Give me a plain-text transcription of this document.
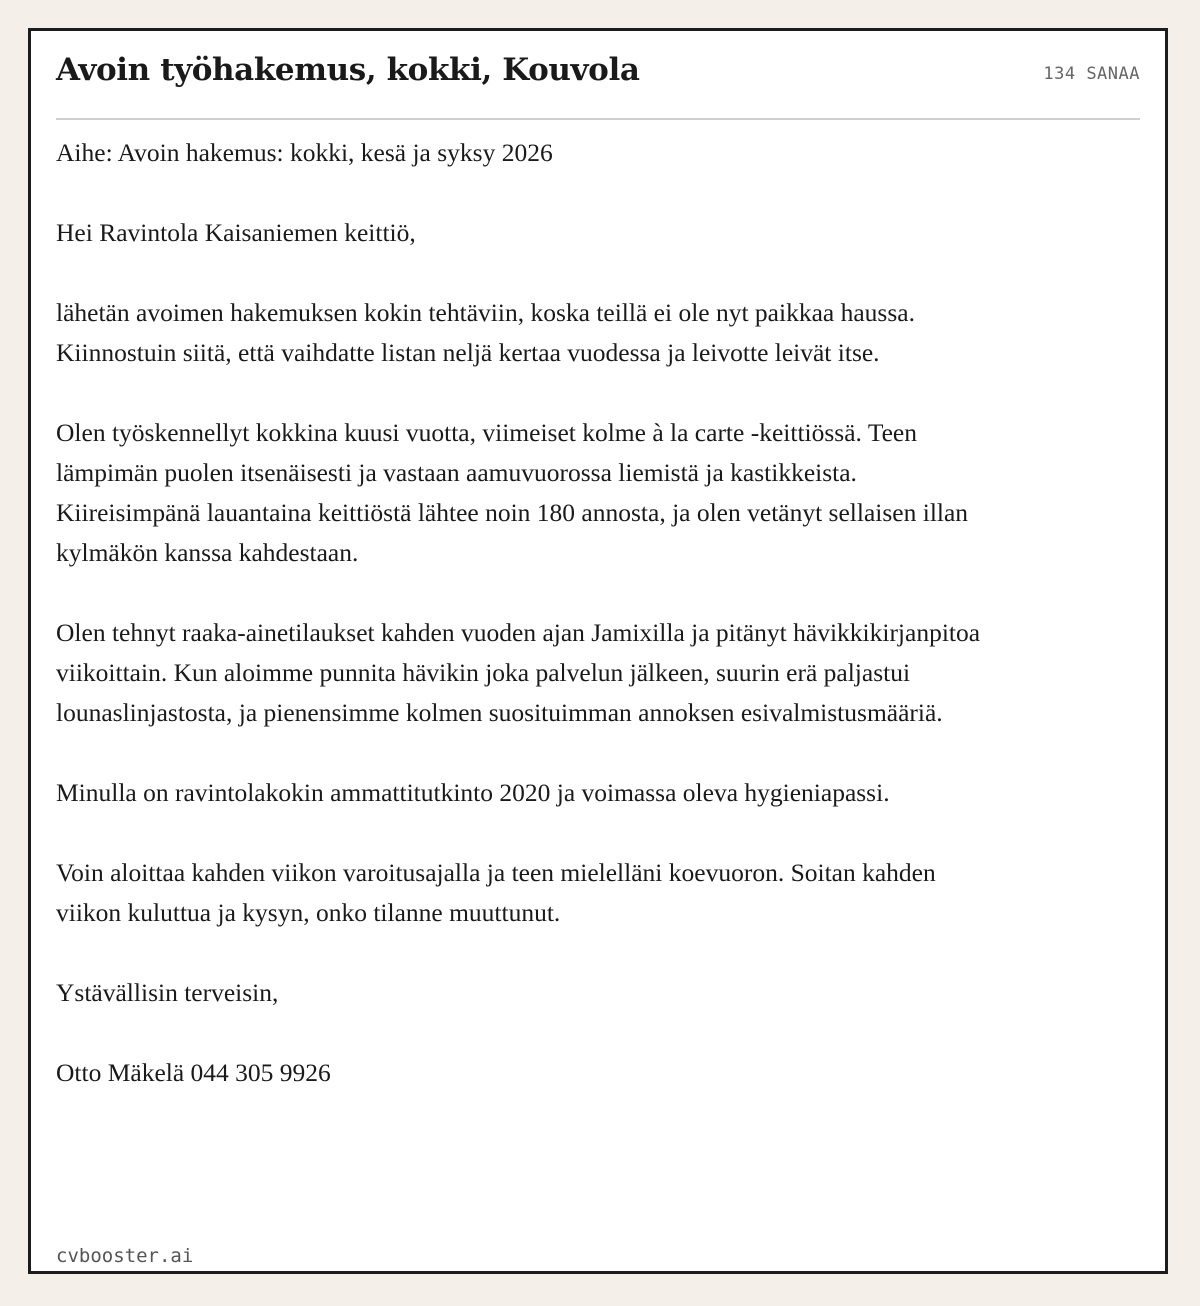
Avoin työhakemus, kokki, Kouvola	134 SANAA

Aihe: Avoin hakemus: kokki, kesä ja syksy 2026

Hei Ravintola Kaisaniemen keittiö,

lähetän avoimen hakemuksen kokin tehtäviin, koska teillä ei ole nyt paikkaa haussa. Kiinnostuin siitä, että vaihdatte listan neljä kertaa vuodessa ja leivotte leivät itse.

Olen työskennellyt kokkina kuusi vuotta, viimeiset kolme à la carte -keittiössä. Teen lämpimän puolen itsenäisesti ja vastaan aamuvuorossa liemistä ja kastikkeista. Kiireisimpänä lauantaina keittiöstä lähtee noin 180 annosta, ja olen vetänyt sellaisen illan kylmäkön kanssa kahdestaan.

Olen tehnyt raaka-ainetilaukset kahden vuoden ajan Jamixilla ja pitänyt hävikkikirjanpitoa viikoittain. Kun aloimme punnita hävikin joka palvelun jälkeen, suurin erä paljastui lounaslinjastosta, ja pienensimme kolmen suosituimman annoksen esivalmistusmääriä.

Minulla on ravintolakokin ammattitutkinto 2020 ja voimassa oleva hygieniapassi.

Voin aloittaa kahden viikon varoitusajalla ja teen mielelläni koevuoron. Soitan kahden viikon kuluttua ja kysyn, onko tilanne muuttunut.

Ystävällisin terveisin,

Otto Mäkelä 044 305 9926

cvbooster.ai
